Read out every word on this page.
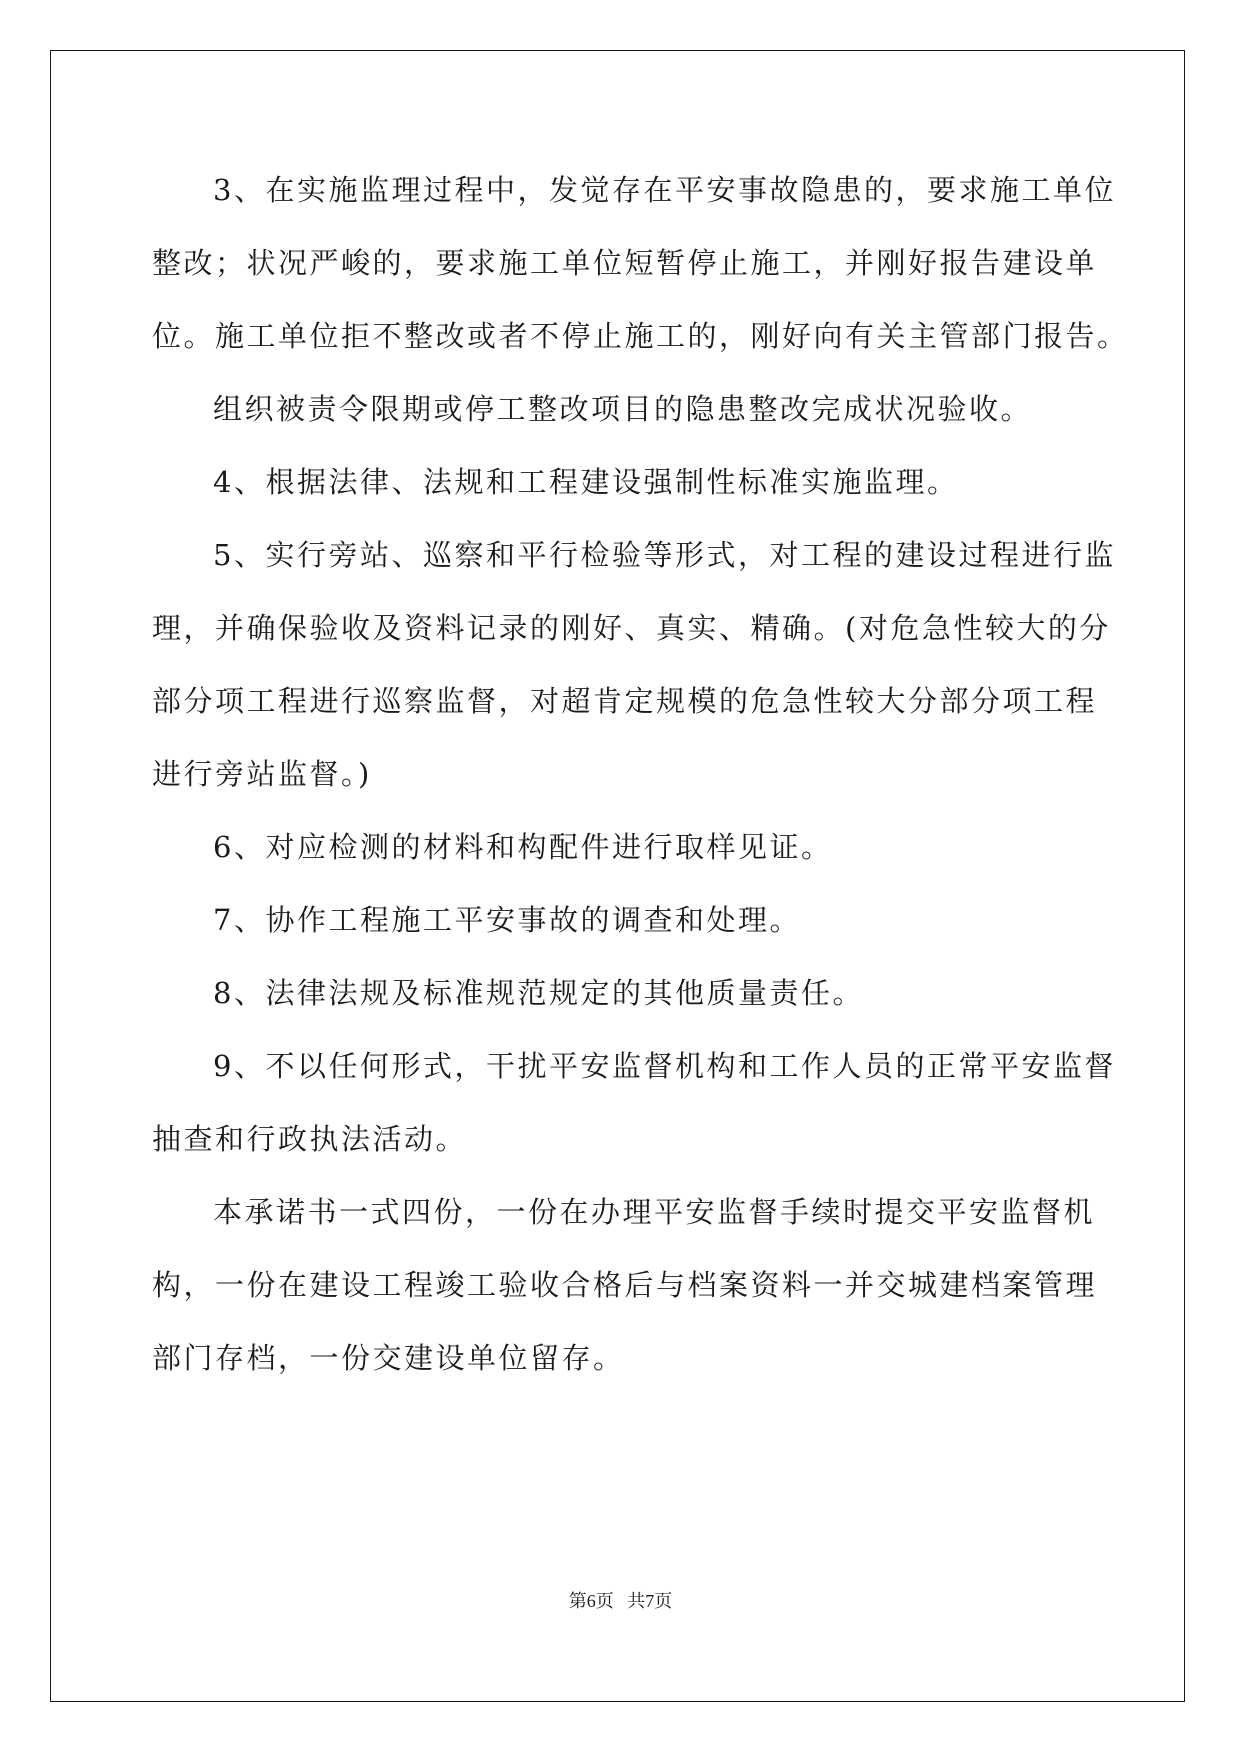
3、在实施监理过程中，发觉存在平安事故隐患的，要求施工单位
整改；状况严峻的，要求施工单位短暂停止施工，并刚好报告建设单
位。施工单位拒不整改或者不停止施工的，刚好向有关主管部门报告。
组织被责令限期或停工整改项目的隐患整改完成状况验收。
4、根据法律、法规和工程建设强制性标准实施监理。
5、实行旁站、巡察和平行检验等形式，对工程的建设过程进行监
理，并确保验收及资料记录的刚好、真实、精确。(对危急性较大的分
部分项工程进行巡察监督，对超肯定规模的危急性较大分部分项工程
进行旁站监督。)
6、对应检测的材料和构配件进行取样见证。
7、协作工程施工平安事故的调查和处理。
8、法律法规及标准规范规定的其他质量责任。
9、不以任何形式，干扰平安监督机构和工作人员的正常平安监督
抽查和行政执法活动。
本承诺书一式四份，一份在办理平安监督手续时提交平安监督机
构，一份在建设工程竣工验收合格后与档案资料一并交城建档案管理
部门存档，一份交建设单位留存。
第6页   共7页
